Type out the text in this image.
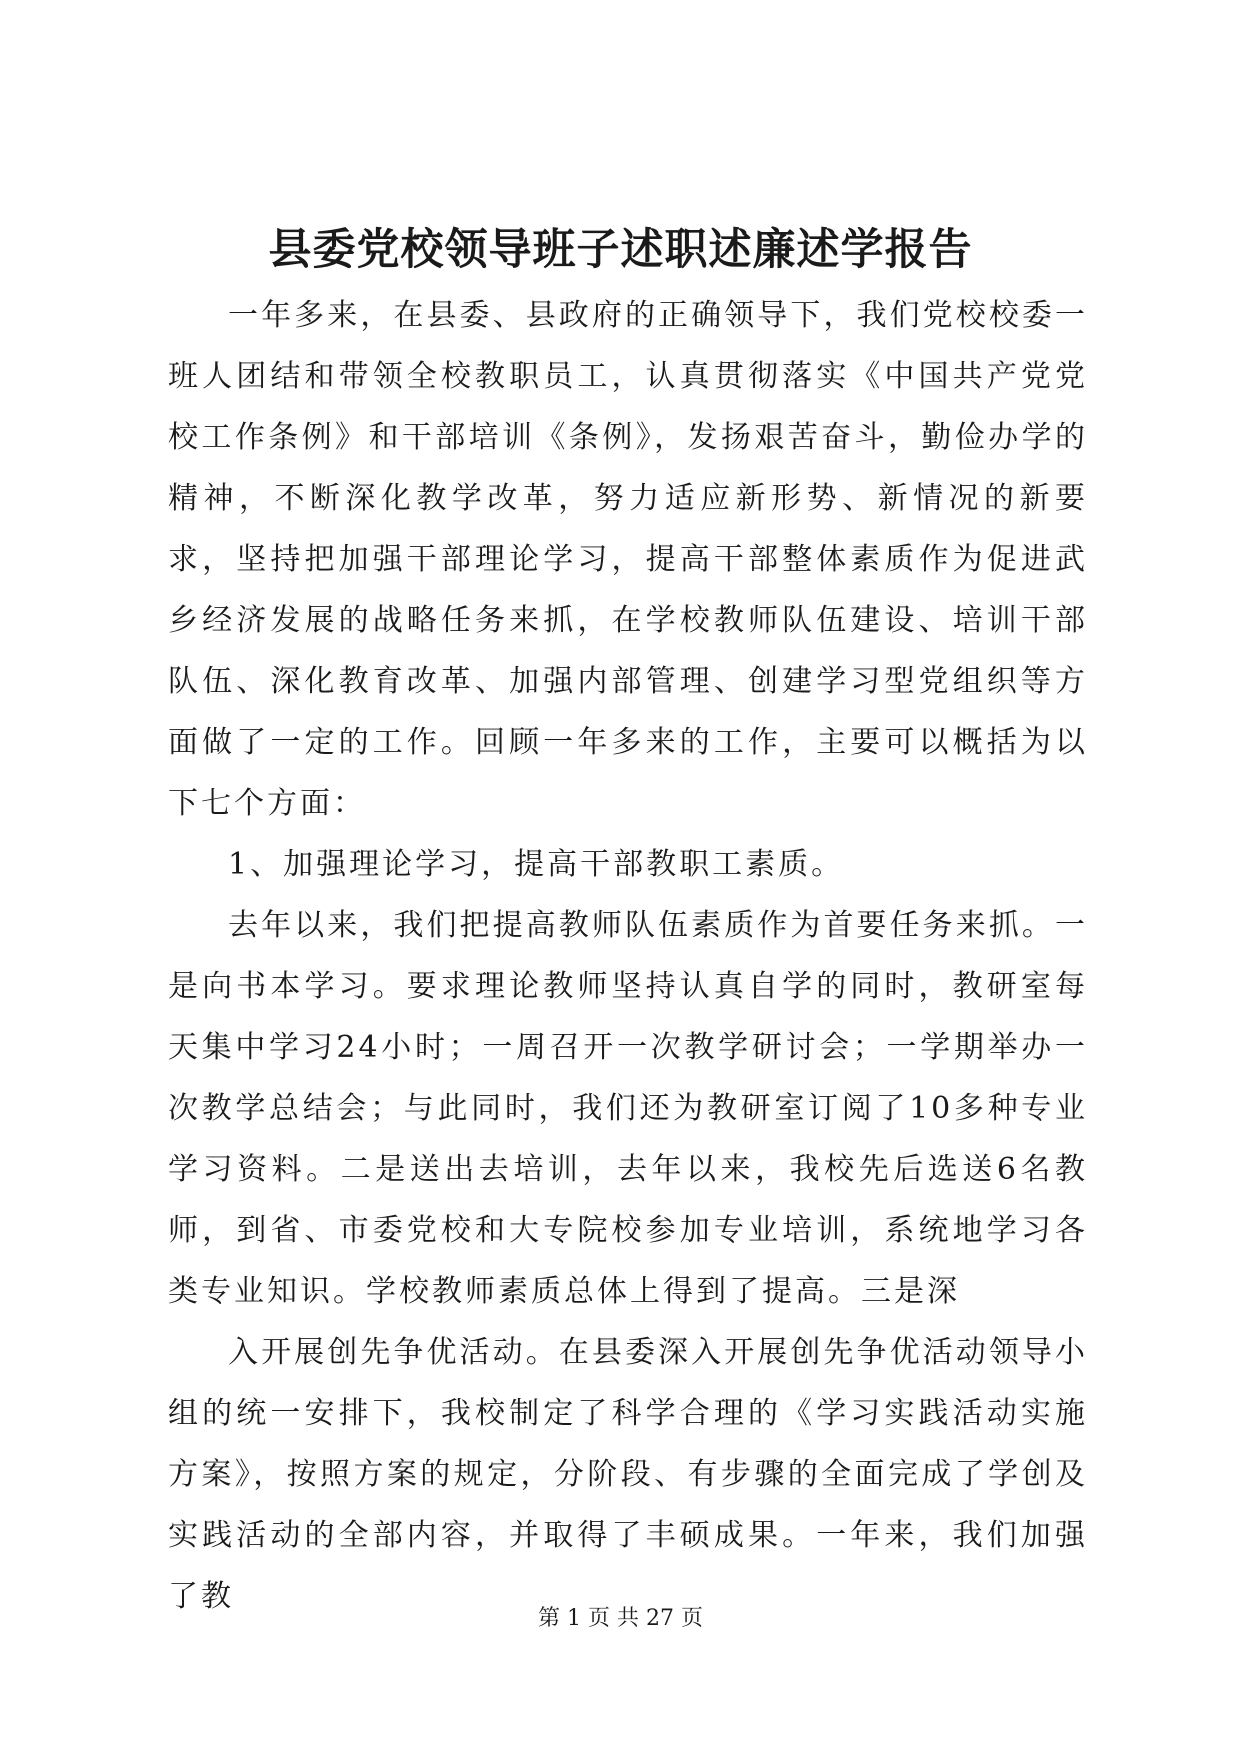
县委党校领导班子述职述廉述学报告

一年多来，在县委、县政府的正确领导下，我们党校校委一班人团结和带领全校教职员工，认真贯彻落实《中国共产党党校工作条例》和干部培训《条例》，发扬艰苦奋斗，勤俭办学的精神，不断深化教学改革，努力适应新形势、新情况的新要求，坚持把加强干部理论学习，提高干部整体素质作为促进武乡经济发展的战略任务来抓，在学校教师队伍建设、培训干部队伍、深化教育改革、加强内部管理、创建学习型党组织等方面做了一定的工作。回顾一年多来的工作，主要可以概括为以下七个方面：

1、加强理论学习，提高干部教职工素质。

去年以来，我们把提高教师队伍素质作为首要任务来抓。一是向书本学习。要求理论教师坚持认真自学的同时，教研室每天集中学习24小时；一周召开一次教学研讨会；一学期举办一次教学总结会；与此同时，我们还为教研室订阅了10多种专业学习资料。二是送出去培训，去年以来，我校先后选送6名教师，到省、市委党校和大专院校参加专业培训，系统地学习各类专业知识。学校教师素质总体上得到了提高。三是深

入开展创先争优活动。在县委深入开展创先争优活动领导小组的统一安排下，我校制定了科学合理的《学习实践活动实施方案》，按照方案的规定，分阶段、有步骤的全面完成了学创及实践活动的全部内容，并取得了丰硕成果。一年来，我们加强了教

第 1 页 共 27 页
